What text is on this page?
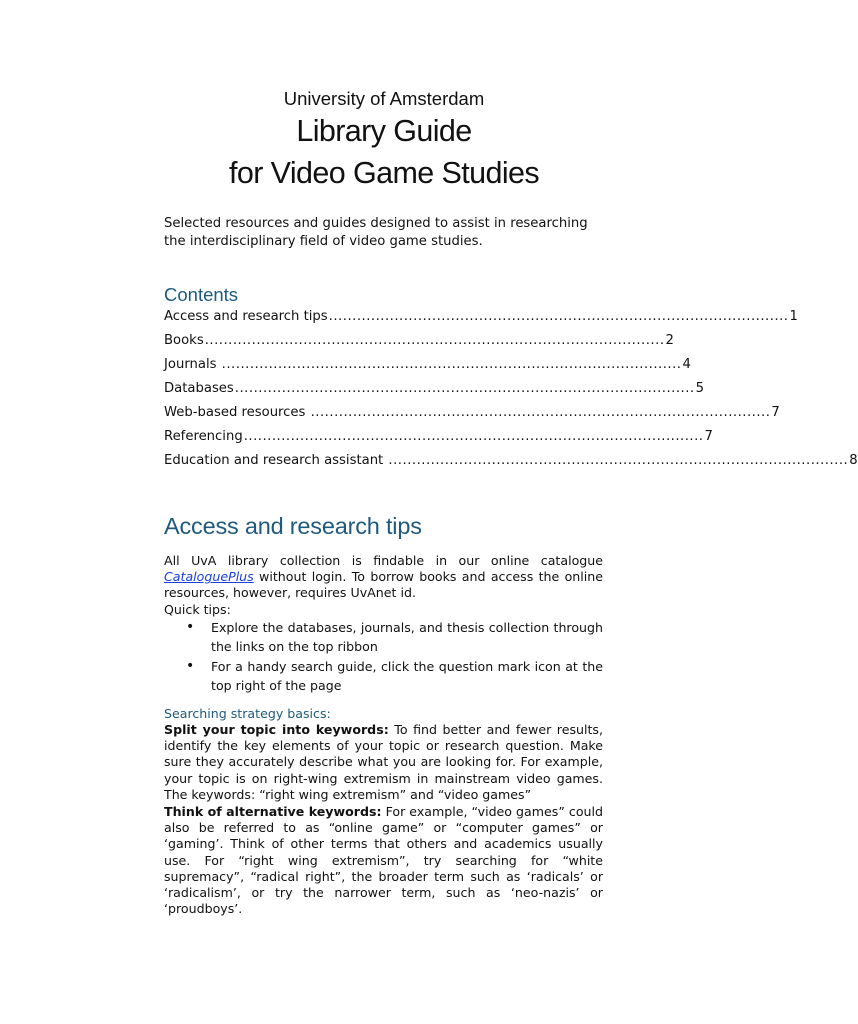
University of Amsterdam
Library Guide
for Video Game Studies
Selected resources and guides designed to assist in researching the interdisciplinary field of video game studies.
Contents
Access and research tips .................................................................................................. 1
Books .................................................................................................. 2
Journals .................................................................................................. 4
Databases .................................................................................................. 5
Web-based resources .................................................................................................. 7
Referencing .................................................................................................. 7
Education and research assistant .................................................................................................. 8
Access and research tips
All UvA library collection is findable in our online catalogue CataloguePlus without login. To borrow books and access the online resources, however, requires UvAnet id.
Quick tips:
• Explore the databases, journals, and thesis collection through the links on the top ribbon
• For a handy search guide, click the question mark icon at the top right of the page
Searching strategy basics:
Split your topic into keywords: To find better and fewer results, identify the key elements of your topic or research question. Make sure they accurately describe what you are looking for. For example, your topic is on right-wing extremism in mainstream video games. The keywords: “right wing extremism” and “video games”
Think of alternative keywords: For example, “video games” could also be referred to as “online game” or “computer games” or ‘gaming’. Think of other terms that others and academics usually use. For “right wing extremism”, try searching for “white supremacy”, “radical right”, the broader term such as ‘radicals’ or ‘radicalism’, or try the narrower term, such as ‘neo-nazis’ or ‘proudboys’.
